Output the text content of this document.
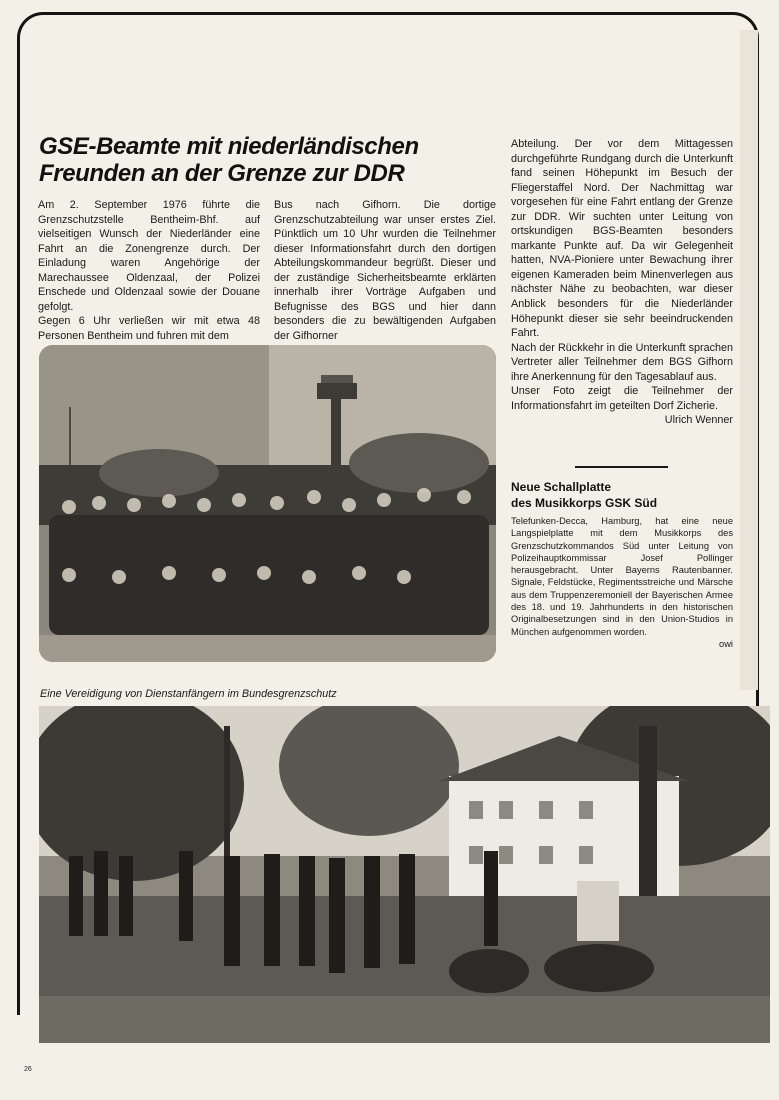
GSE-Beamte mit niederländischen
Freunden an der Grenze zur DDR

Am 2. September 1976 führte die Grenzschutzstelle Bentheim-Bhf. auf vielseitigen Wunsch der Niederländer eine Fahrt an die Zonengrenze durch. Der Einladung waren Angehörige der Marechaussee Oldenzaal, der Polizei Enschede und Oldenzaal sowie der Douane gefolgt.

Gegen 6 Uhr verließen wir mit etwa 48 Personen Bentheim und fuhren mit dem

Bus nach Gifhorn. Die dortige Grenzschutzabteilung war unser erstes Ziel. Pünktlich um 10 Uhr wurden die Teilnehmer dieser Informationsfahrt durch den dortigen Abteilungskommandeur begrüßt. Dieser und der zuständige Sicherheitsbeamte erklärten innerhalb ihrer Vorträge Aufgaben und Befugnisse des BGS und hier dann besonders die zu bewältigenden Aufgaben der Gifhorner

Abteilung. Der vor dem Mittagessen durchgeführte Rundgang durch die Unterkunft fand seinen Höhepunkt im Besuch der Fliegerstaffel Nord. Der Nachmittag war vorgesehen für eine Fahrt entlang der Grenze zur DDR. Wir suchten unter Leitung von ortskundigen BGS-Beamten besonders markante Punkte auf. Da wir Gelegenheit hatten, NVA-Pioniere unter Bewachung ihrer eigenen Kameraden beim Minenverlegen aus nächster Nähe zu beobachten, war dieser Anblick besonders für die Niederländer Höhepunkt dieser sie sehr beeindruckenden Fahrt.

Nach der Rückkehr in die Unterkunft sprachen Vertreter aller Teilnehmer dem BGS Gifhorn ihre Anerkennung für den Tagesablauf aus.

Unser Foto zeigt die Teilnehmer der Informationsfahrt im geteilten Dorf Zicherie.

Ulrich Wenner

Neue Schallplatte
des Musikkorps GSK Süd

Telefunken-Decca, Hamburg, hat eine neue Langspielplatte mit dem Musikkorps des Grenzschutzkommandos Süd unter Leitung von Polizeihauptkommissar Josef Pollinger herausgebracht. Unter Bayerns Rautenbanner. Signale, Feldstücke, Regimentsstreiche und Märsche aus dem Truppenzeremoniell der Bayerischen Armee des 18. und 19. Jahrhunderts in den historischen Originalbesetzungen sind in den Union-Studios in München aufgenommen worden.

owi

Eine Vereidigung von Dienstanfängern im Bundesgrenzschutz

26
